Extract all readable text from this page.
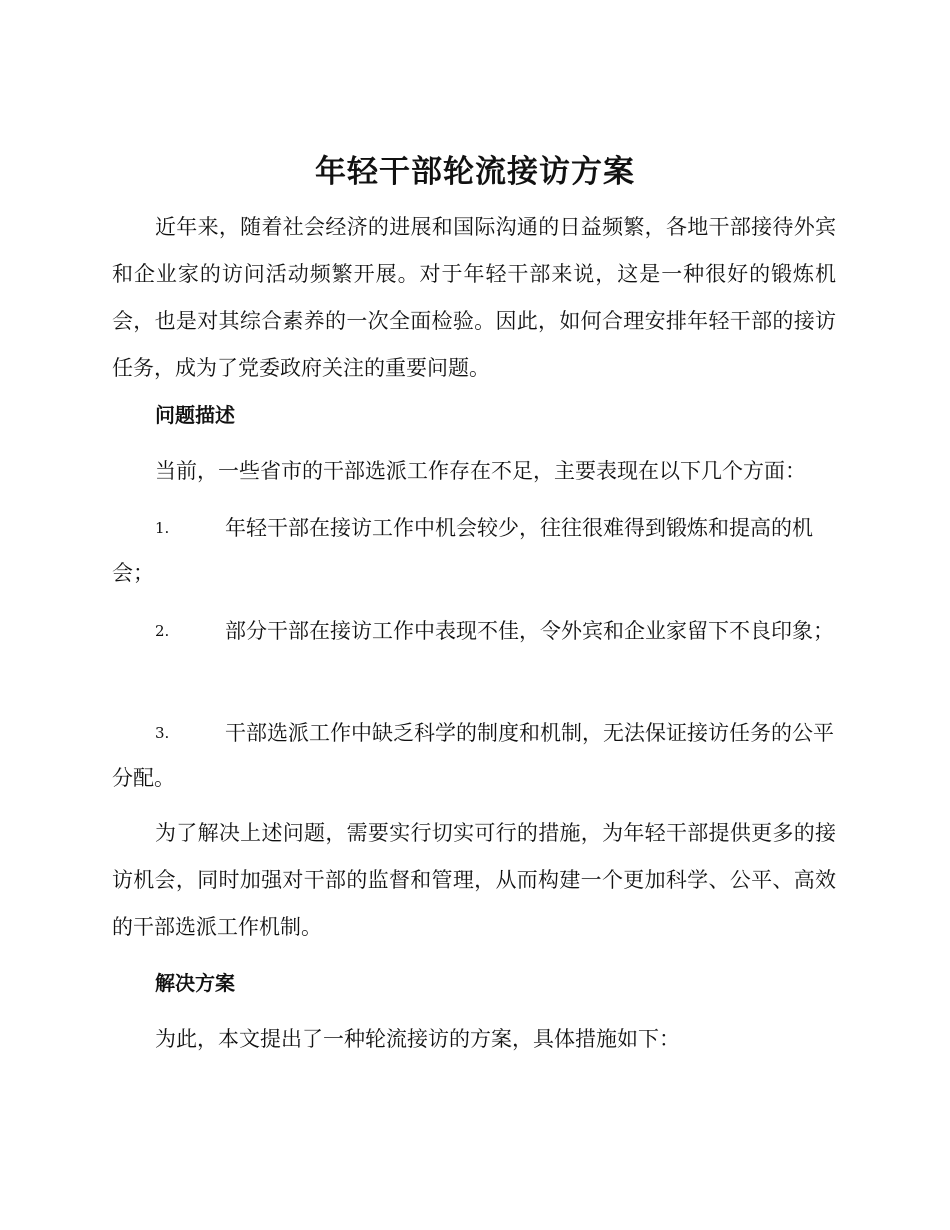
年轻干部轮流接访方案

近年来，随着社会经济的进展和国际沟通的日益频繁，各地干部接待外宾和企业家的访问活动频繁开展。对于年轻干部来说，这是一种很好的锻炼机会，也是对其综合素养的一次全面检验。因此，如何合理安排年轻干部的接访任务，成为了党委政府关注的重要问题。

问题描述

当前，一些省市的干部选派工作存在不足，主要表现在以下几个方面：

1.	年轻干部在接访工作中机会较少，往往很难得到锻炼和提高的机会；
2.	部分干部在接访工作中表现不佳，令外宾和企业家留下不良印象；
3.	干部选派工作中缺乏科学的制度和机制，无法保证接访任务的公平分配。

为了解决上述问题，需要实行切实可行的措施，为年轻干部提供更多的接访机会，同时加强对干部的监督和管理，从而构建一个更加科学、公平、高效的干部选派工作机制。

解决方案

为此，本文提出了一种轮流接访的方案，具体措施如下：
